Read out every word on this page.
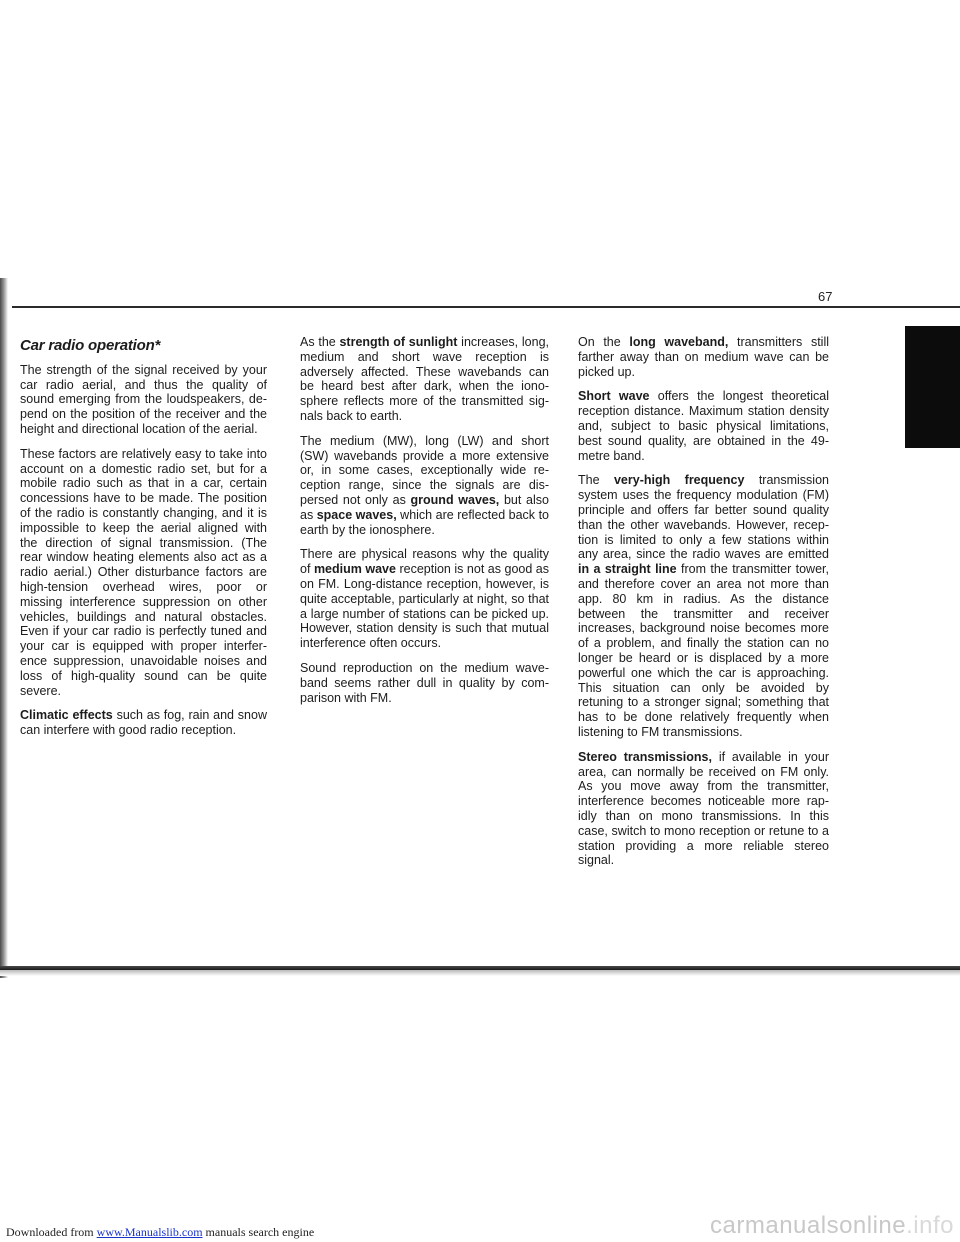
67
Car radio operation*

The strength of the signal received by your car radio aerial, and thus the quality of sound emerging from the loudspeakers, depend on the position of the receiver and the height and directional location of the aerial.

These factors are relatively easy to take into account on a domestic radio set, but for a mobile radio such as that in a car, certain concessions have to be made. The position of the radio is constantly changing, and it is impossible to keep the aerial aligned with the direction of signal transmission. (The rear window heating elements also act as a radio aerial.) Other disturbance factors are high-tension overhead wires, poor or missing interference suppression on other vehicles, buildings and natural obstacles. Even if your car radio is perfectly tuned and your car is equipped with proper interference suppression, unavoidable noises and loss of high-quality sound can be quite severe.

Climatic effects such as fog, rain and snow can interfere with good radio reception.

As the strength of sunlight increases, long, medium and short wave reception is adversely affected. These wavebands can be heard best after dark, when the ionosphere reflects more of the transmitted signals back to earth.

The medium (MW), long (LW) and short (SW) wavebands provide a more extensive or, in some cases, exceptionally wide reception range, since the signals are dispersed not only as ground waves, but also as space waves, which are reflected back to earth by the ionosphere.

There are physical reasons why the quality of medium wave reception is not as good as on FM. Long-distance reception, however, is quite acceptable, particularly at night, so that a large number of stations can be picked up. However, station density is such that mutual interference often occurs.

Sound reproduction on the medium waveband seems rather dull in quality by comparison with FM.

On the long waveband, transmitters still farther away than on medium wave can be picked up.

Short wave offers the longest theoretical reception distance. Maximum station density and, subject to basic physical limitations, best sound quality, are obtained in the 49-metre band.

The very-high frequency transmission system uses the frequency modulation (FM) principle and offers far better sound quality than the other wavebands. However, reception is limited to only a few stations within any area, since the radio waves are emitted in a straight line from the transmitter tower, and therefore cover an area not more than app. 80 km in radius. As the distance between the transmitter and receiver increases, background noise becomes more of a problem, and finally the station can no longer be heard or is displaced by a more powerful one which the car is approaching. This situation can only be avoided by retuning to a stronger signal; something that has to be done relatively frequently when listening to FM transmissions.

Stereo transmissions, if available in your area, can normally be received on FM only. As you move away from the transmitter, interference becomes noticeable more rapidly than on mono transmissions. In this case, switch to mono reception or retune to a station providing a more reliable stereo signal.

Downloaded from www.Manualslib.com manuals search engine	carmanualsonline.info
